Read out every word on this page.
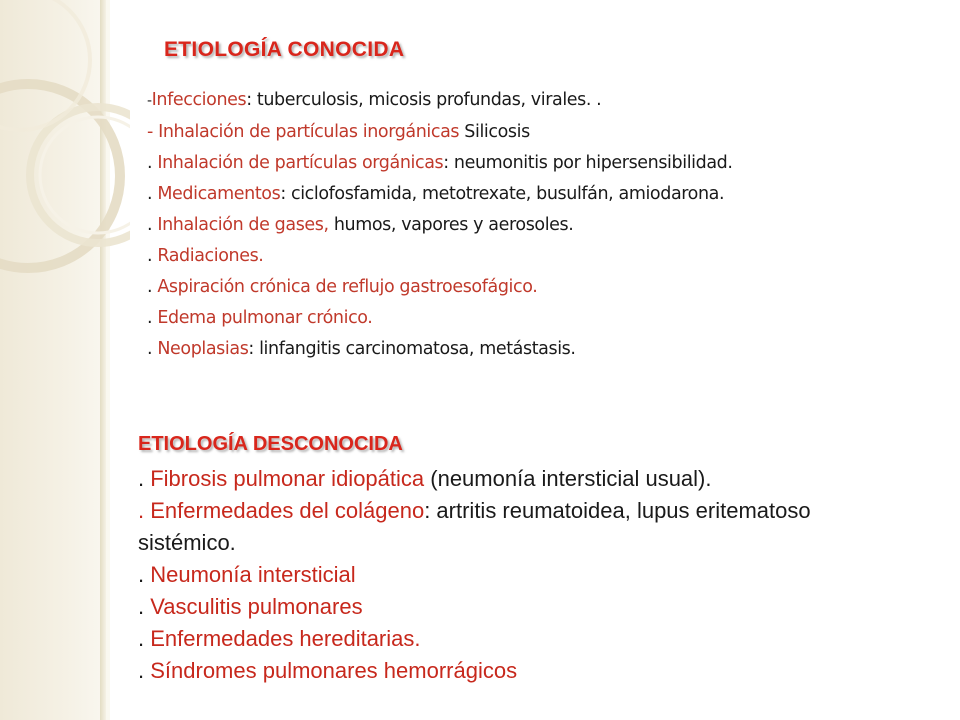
ETIOLOGÍA CONOCIDA
-Infecciones: tuberculosis, micosis profundas, virales. .
- Inhalación de partículas inorgánicas Silicosis
. Inhalación de partículas orgánicas: neumonitis por hipersensibilidad.
. Medicamentos: ciclofosfamida, metotrexate, busulfán, amiodarona.
. Inhalación de gases, humos, vapores y aerosoles.
. Radiaciones.
. Aspiración crónica de reflujo gastroesofágico.
. Edema pulmonar crónico.
. Neoplasias: linfangitis carcinomatosa, metástasis.
ETIOLOGÍA DESCONOCIDA
. Fibrosis pulmonar idiopática (neumonía intersticial usual).
. Enfermedades del colágeno: artritis reumatoidea, lupus eritematoso sistémico.
. Neumonía intersticial
. Vasculitis pulmonares
. Enfermedades hereditarias.
. Síndromes pulmonares hemorrágicos
